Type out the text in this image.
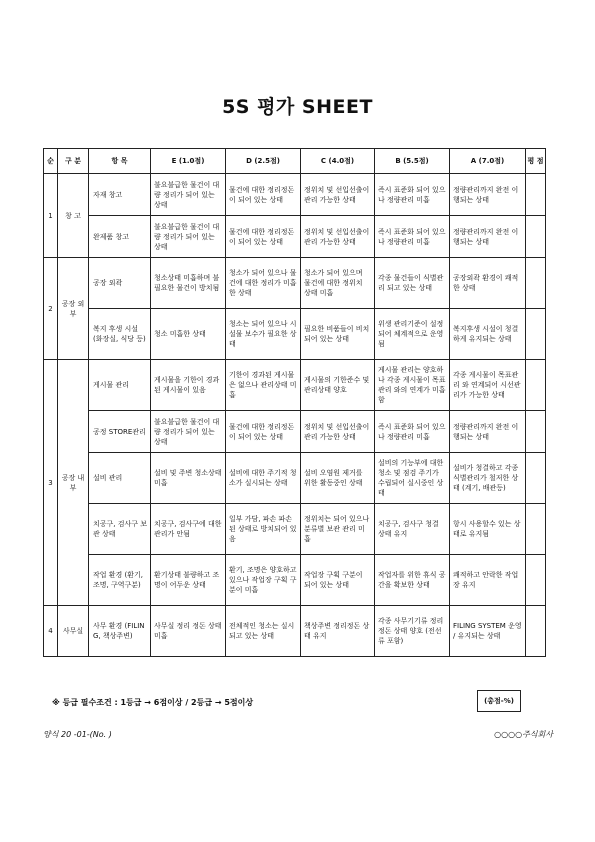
5S 평가 SHEET
순	구 분	항 목	E (1.0점)	D (2.5점)	C (4.0점)	B (5.5점)	A (7.0점)	평 점
1	창 고	자재 창고	불요불급한 물건이 대량 정리가 되어 있는 상태	물건에 대한 정리정돈이 되어 있는 상태	정위치 및 선입선출이 관리 가능한 상태	즉시 표준화 되어 있으나 정량관리 미흡	정량관리까지 완전 이행되는 상태	
		완제품 창고	불요불급한 물건이 대량 정리가 되어 있는 상태	물건에 대한 정리정돈이 되어 있는 상태	정위치 및 선입선출이 관리 가능한 상태	즉시 표준화 되어 있으나 정량관리 미흡	정량관리까지 완전 이행되는 상태	
2	공장 외부	공장 외곽	청소상태 미흡하며 불필요한 물건이 방치됨	청소가 되어 있으나 물건에 대한 정리가 미흡한 상태	청소가 되어 있으며 물건에 대한 정위치 상태 미흡	각종 물건들이 식별관리 되고 있는 상태	공장외곽 환경이 쾌적한 상태	
		복지 후생 시설 (화장실, 식당 등)	청소 미흡한 상태	청소는 되어 있으나 시설물 보수가 필요한 상태	필요한 비품들이 비치 되어 있는 상태	위생 관리기준이 설정 되어 체계적으로 운영됨	복지후생 시설이 청결하게 유지되는 상태	
3	공장 내부	게시물 관리	게시물을 기한이 경과된 게시물이 있음	기한이 경과된 게시물은 없으나 관리상태 미흡	게시물의 기한준수 및 관리상태 양호	게시물 관리는 양호하나 각종 게시물이 목표관리 와의 연계가 미흡함	각종 게시물이 목표관리 와 연계되어 시선관리가 가능한 상태	
		공정 STORE관리	불요불급한 물건이 대량 정리가 되어 있는 상태	물건에 대한 정리정돈이 되어 있는 상태	정위치 및 선입선출이 관리 가능한 상태	즉시 표준화 되어 있으나 정량관리 미흡	정량관리까지 완전 이행되는 상태	
		설비 관리	설비 및 주변 청소상태 미흡	설비에 대한 주기적 청소가 실시되는 상태	설비 오염원 제거를 위한 활동중인 상태	설비의 기능부에 대한 청소 및 점검 주기가 수립되어 실시중인 상태	설비가 청결하고 각종 식별관리가 철저한 상태 (계기, 배관등)	
		치공구, 검사구 보관 상태	치공구, 검사구에 대한 관리가 안됨	일부 가담, 파손 파손된 상태로 방치되어 있음	정위치는 되어 있으나 분류별 보관 관리 미흡	치공구, 검사구 청결 상태 유지	항시 사용할수 있는 상태로 유지됨	
		작업 환경 (환기, 조명, 구역구분)	환기상태 불량하고 조명이 어두운 상태	환기, 조명은 양호하고 있으나 작업장 구획 구분이 미흡	작업장 구획 구분이 되어 있는 상태	작업자를 위한 휴식 공간을 확보한 상태	쾌적하고 안락한 작업장 유지	
4	사무실	사무 환경 (FILING, 책상주변)	사무실 정리 정돈 상태 미흡	전체적인 청소는 실시 되고 있는 상태	책상주변 정리정돈 상태 유지	각종 사무기기류 정리정돈 상태 양호 (전선류 포함)	FILING SYSTEM 운영 / 유지되는 상태	
※ 등급 필수조건 : 1등급 → 6점이상 / 2등급 → 5점이상	(총점-%)
양식 20 -01-(No. )	○○○○주식회사
